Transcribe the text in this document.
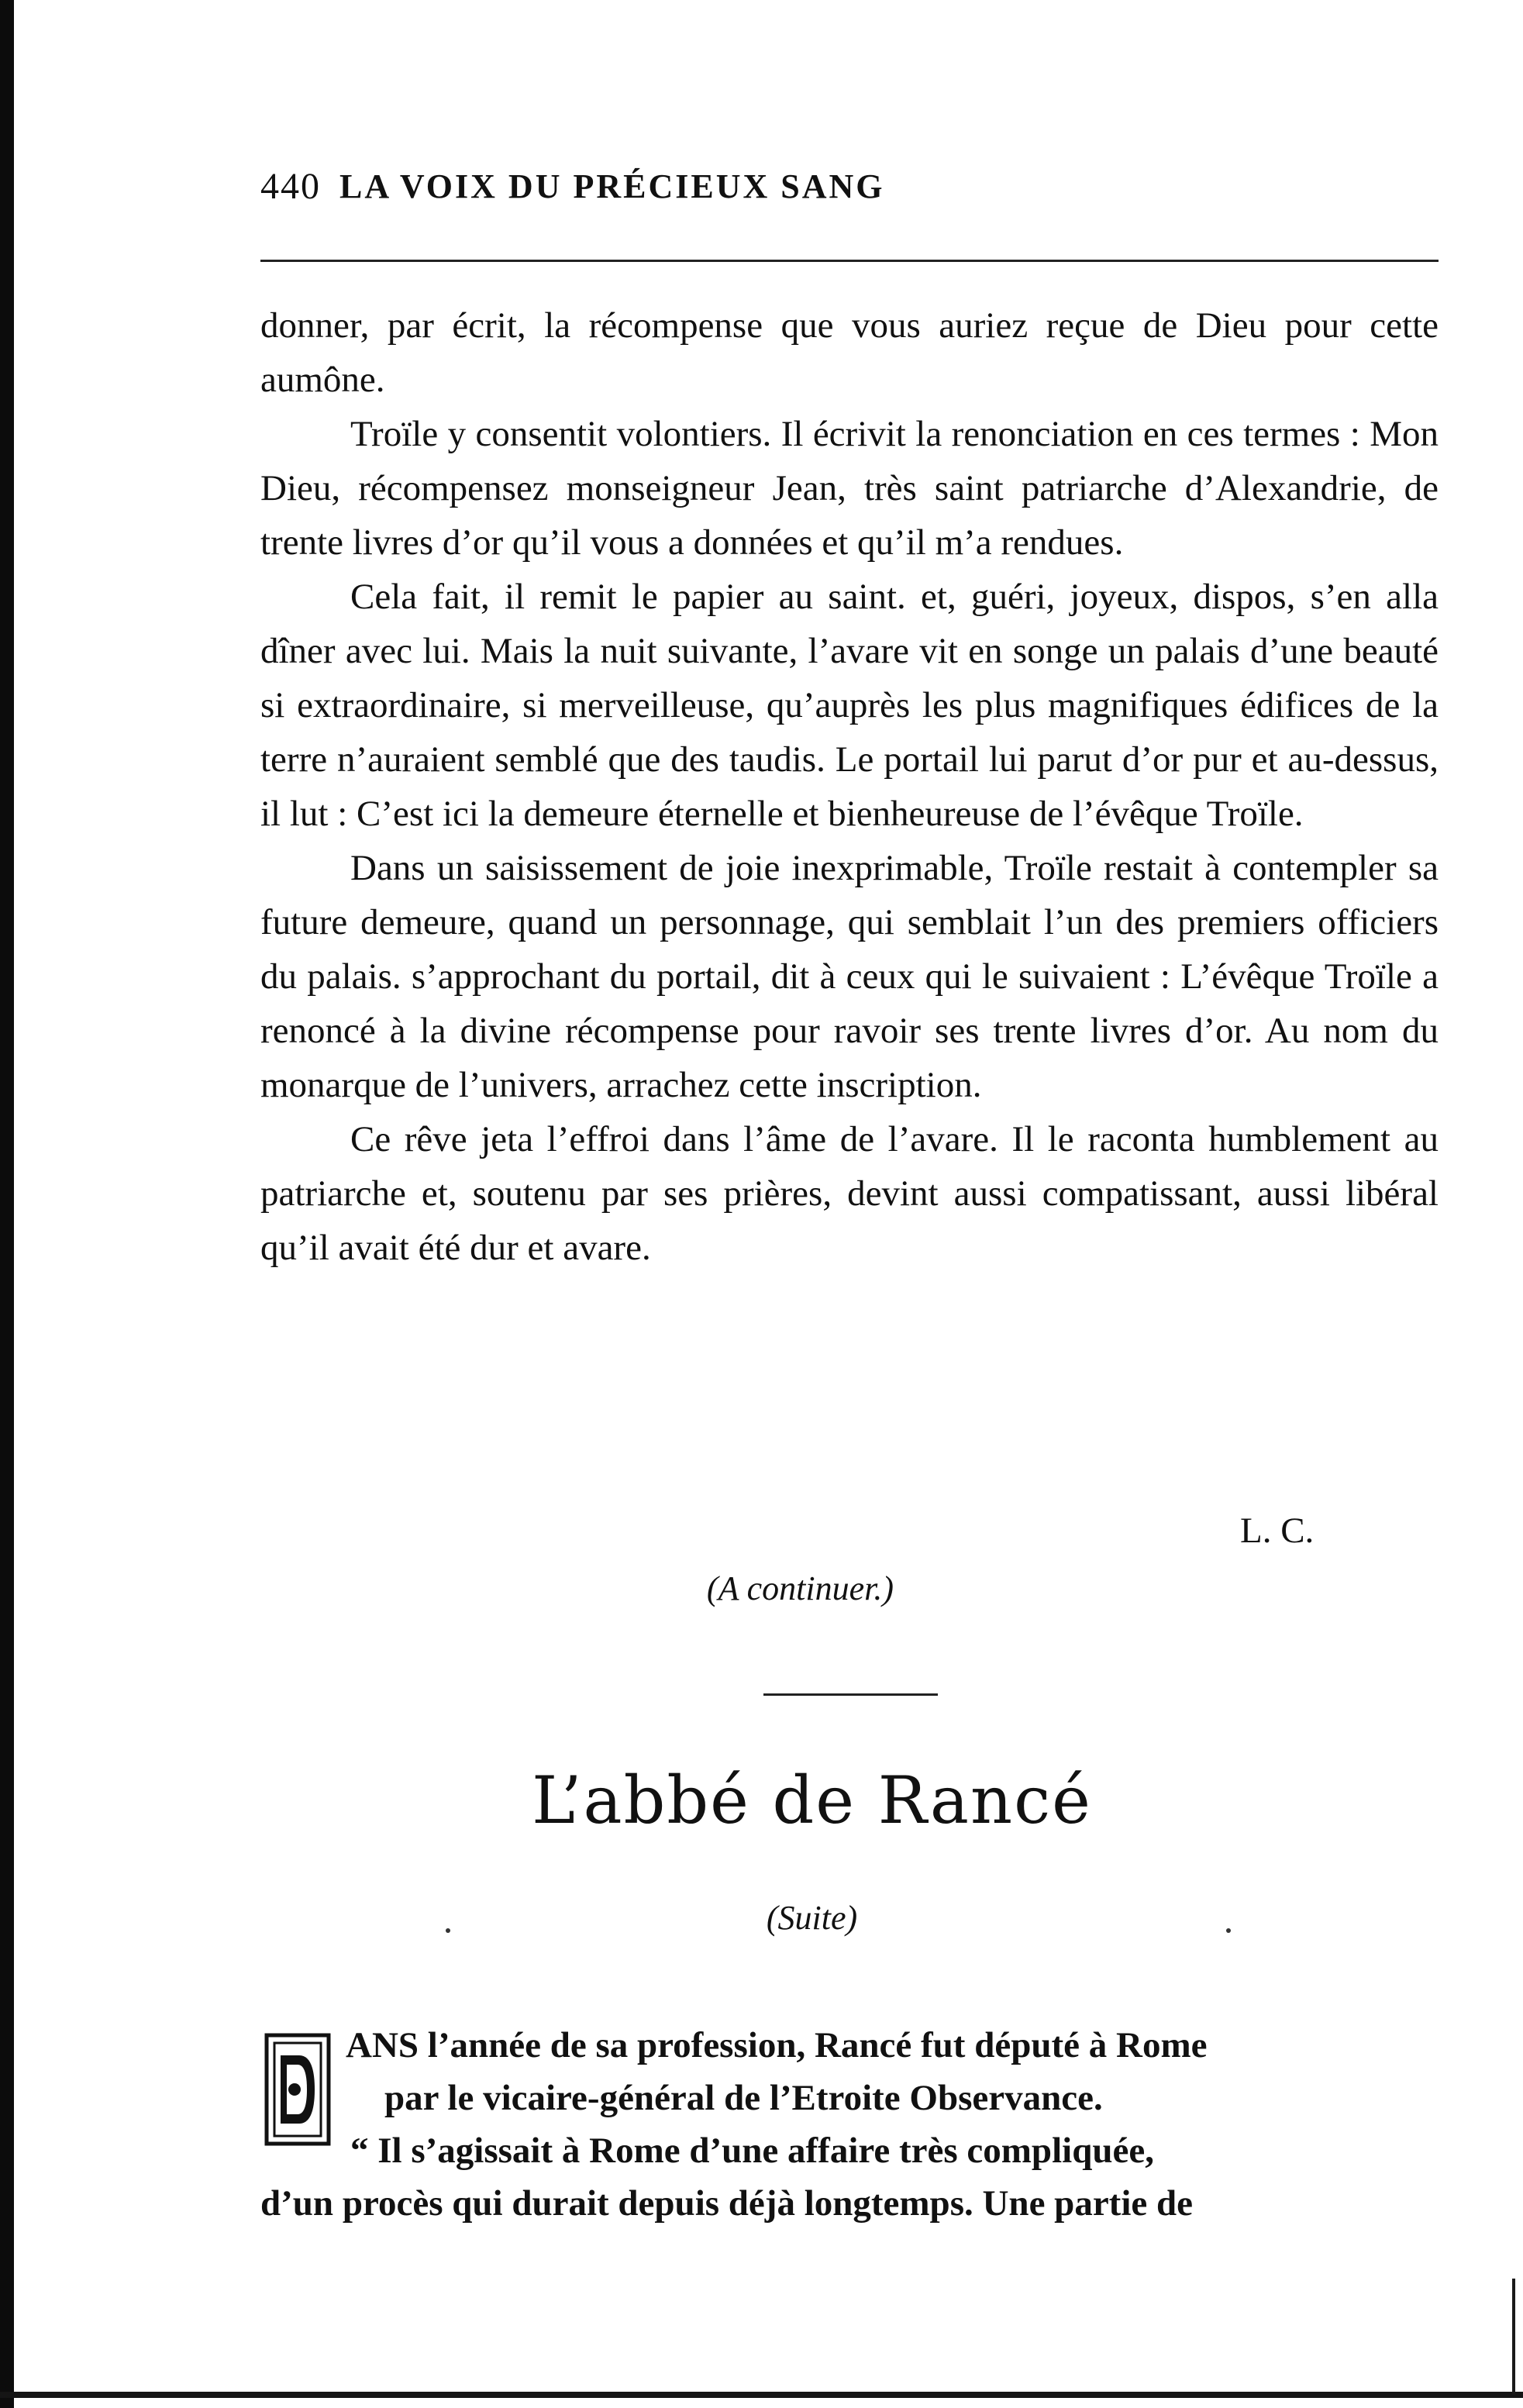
440 LA VOIX DU PRÉCIEUX SANG

donner, par écrit, la récompense que vous auriez reçue de Dieu pour cette aumône.

Troïle y consentit volontiers. Il écrivit la renonciation en ces termes : Mon Dieu, récompensez monseigneur Jean, très saint patriarche d’Alexandrie, de trente livres d’or qu’il vous a données et qu’il m’a rendues.

Cela fait, il remit le papier au saint. et, guéri, joyeux, dispos, s’en alla dîner avec lui. Mais la nuit suivante, l’avare vit en songe un palais d’une beauté si extraordinaire, si merveilleuse, qu’auprès les plus magnifiques édifices de la terre n’auraient semblé que des taudis. Le portail lui parut d’or pur et au-dessus, il lut : C’est ici la demeure éternelle et bienheureuse de l’évêque Troïle.

Dans un saisissement de joie inexprimable, Troïle restait à contempler sa future demeure, quand un personnage, qui semblait l’un des premiers officiers du palais. s’approchant du portail, dit à ceux qui le suivaient : L’évêque Troïle a renoncé à la divine récompense pour ravoir ses trente livres d’or. Au nom du monarque de l’univers, arrachez cette inscription.

Ce rêve jeta l’effroi dans l’âme de l’avare. Il le raconta humblement au patriarche et, soutenu par ses prières, devint aussi compatissant, aussi libéral qu’il avait été dur et avare.

L. C.
(A continuer.)
L’abbé de Rancé
(Suite)
ANS l’année de sa profession, Rancé fut député à Rome
par le vicaire-général de l’Etroite Observance.
“ Il s’agissait à Rome d’une affaire très compliquée,
d’un procès qui durait depuis déjà longtemps. Une partie de
